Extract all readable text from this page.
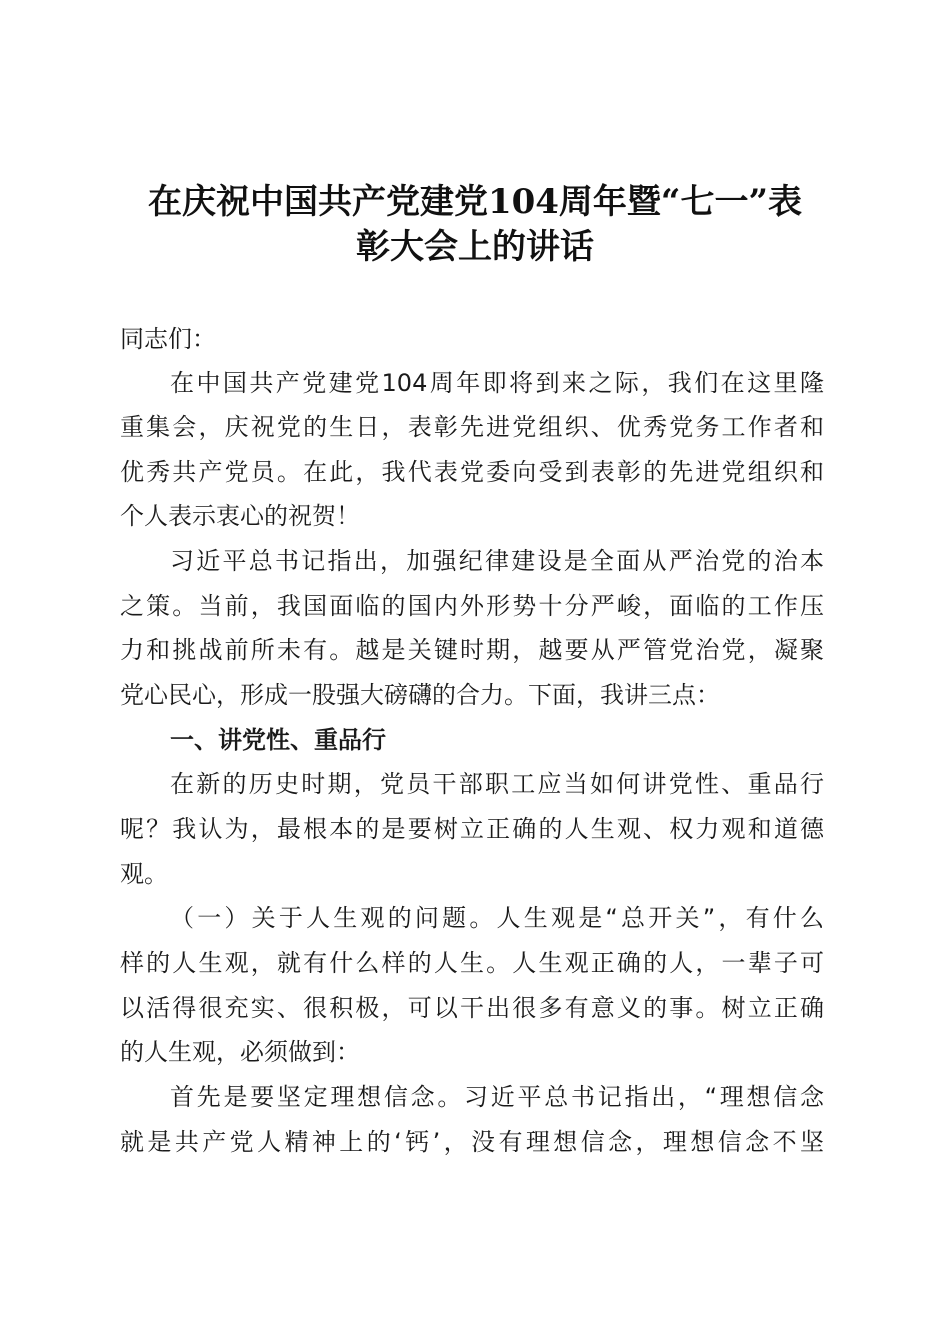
在庆祝中国共产党建党104周年暨“七一”表
彰大会上的讲话
同志们：
在中国共产党建党104周年即将到来之际，我们在这里隆
重集会，庆祝党的生日，表彰先进党组织、优秀党务工作者和
优秀共产党员。在此，我代表党委向受到表彰的先进党组织和
个人表示衷心的祝贺！
习近平总书记指出，加强纪律建设是全面从严治党的治本
之策。当前，我国面临的国内外形势十分严峻，面临的工作压
力和挑战前所未有。越是关键时期，越要从严管党治党，凝聚
党心民心，形成一股强大磅礴的合力。下面，我讲三点：
一、讲党性、重品行
在新的历史时期，党员干部职工应当如何讲党性、重品行
呢？我认为，最根本的是要树立正确的人生观、权力观和道德
观。
（一）关于人生观的问题。人生观是“总开关”，有什么
样的人生观，就有什么样的人生。人生观正确的人，一辈子可
以活得很充实、很积极，可以干出很多有意义的事。树立正确
的人生观，必须做到：
首先是要坚定理想信念。习近平总书记指出，“理想信念
就是共产党人精神上的‘钙’，没有理想信念，理想信念不坚
